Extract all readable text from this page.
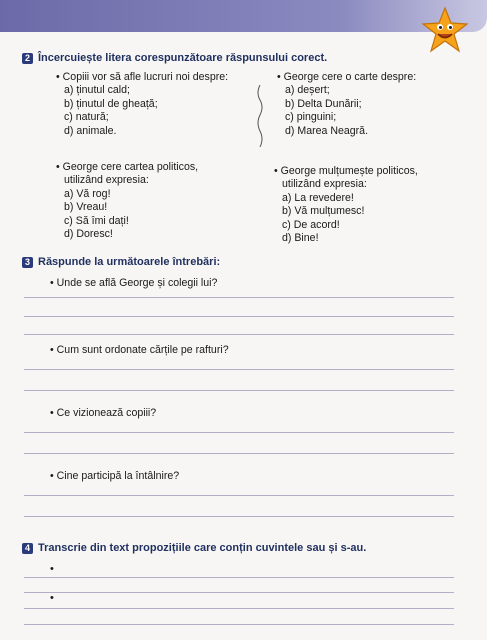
2 Încercuiește litera corespunzătoare răspunsului corect.
• Copiii vor să afle lucruri noi despre:
a) ținutul cald;
b) ținutul de gheață;
c) natură;
d) animale.
• George cere o carte despre:
a) deșert;
b) Delta Dunării;
c) pinguini;
d) Marea Neagră.
• George cere cartea politicos,
utilizând expresia:
a) Vă rog!
b) Vreau!
c) Să îmi dați!
d) Doresc!
• George mulțumește politicos,
utilizând expresia:
a) La revedere!
b) Vă mulțumesc!
c) De acord!
d) Bine!
3 Răspunde la următoarele întrebări:
• Unde se află George și colegii lui?
• Cum sunt ordonate cărțile pe rafturi?
• Ce vizionează copiii?
• Cine participă la întâlnire?
4 Transcrie din text propozițiile care conțin cuvintele sau și s-au.
•
•
